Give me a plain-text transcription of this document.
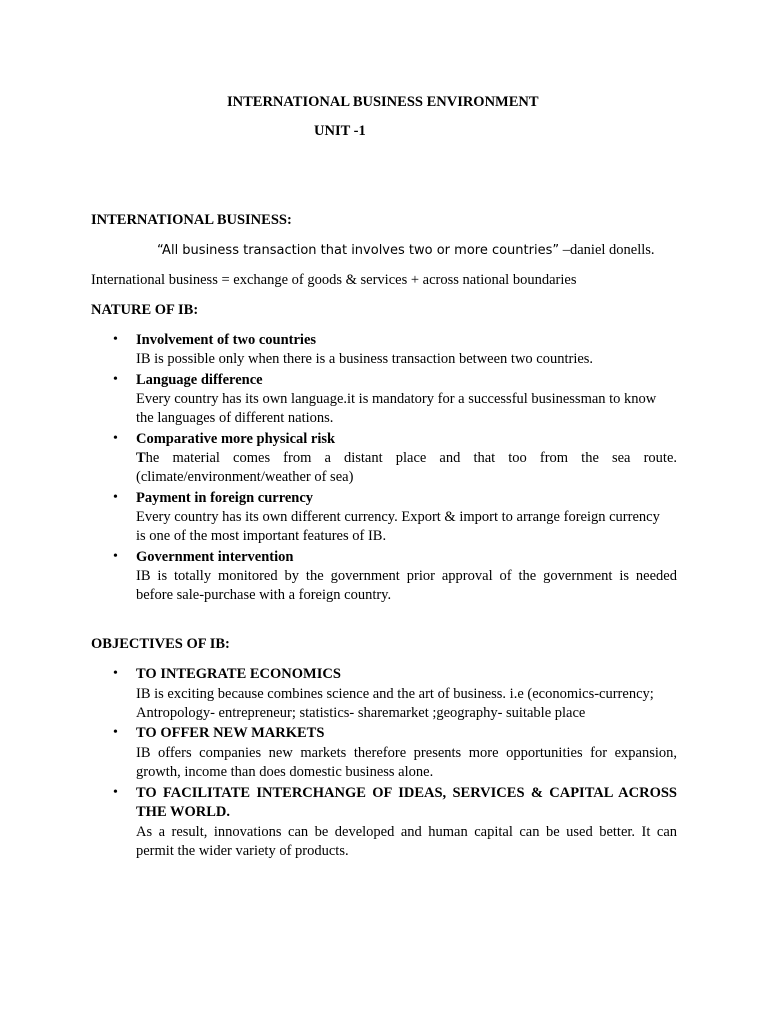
INTERNATIONAL BUSINESS ENVIRONMENT
UNIT -1
INTERNATIONAL BUSINESS:
“All business transaction that involves two or more countries” –daniel donells.
International business = exchange of goods & services + across national boundaries
NATURE OF IB:
• Involvement of two countries
IB is possible only when there is a business transaction between two countries.
• Language difference
Every country has its own language.it is mandatory for a successful businessman to know
the languages of different nations.
• Comparative more physical risk
The material comes from a distant place and that too from the sea route.
(climate/environment/weather of sea)
• Payment in foreign currency
Every country has its own different currency. Export & import to arrange foreign currency
is one of the most important features of IB.
• Government intervention
IB is totally monitored by the government prior approval of the government is needed
before sale-purchase with a foreign country.
OBJECTIVES OF IB:
• TO INTEGRATE ECONOMICS
IB is exciting because combines science and the art of business. i.e (economics-currency;
Antropology- entrepreneur; statistics- sharemarket ;geography- suitable place
• TO OFFER NEW MARKETS
IB offers companies new markets therefore presents more opportunities for expansion,
growth, income than does domestic business alone.
• TO FACILITATE INTERCHANGE OF IDEAS, SERVICES & CAPITAL ACROSS
THE WORLD.
As a result, innovations can be developed and human capital can be used better. It can
permit the wider variety of products.
